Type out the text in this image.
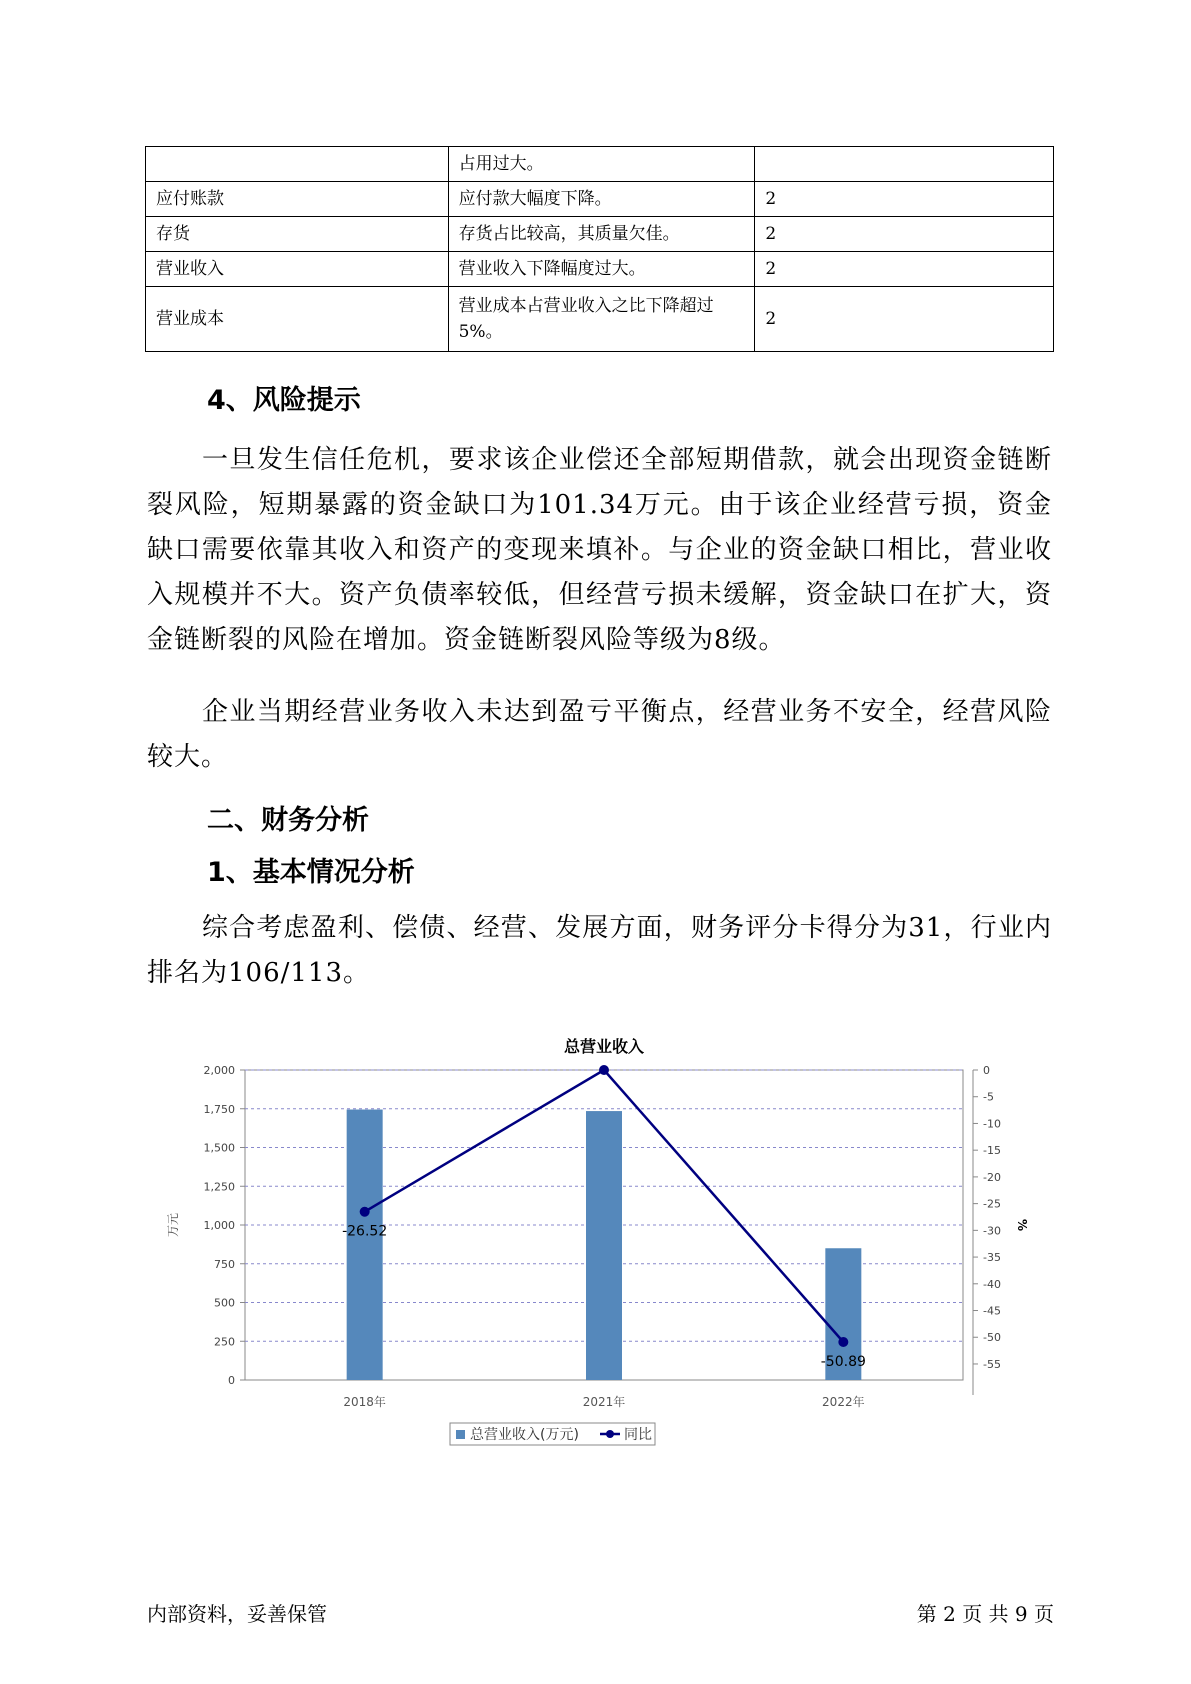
	占用过大。	
应付账款	应付款大幅度下降。	2
存货	存货占比较高，其质量欠佳。	2
营业收入	营业收入下降幅度过大。	2
营业成本	营业成本占营业收入之比下降超过5%。	2
4、风险提示
一旦发生信任危机，要求该企业偿还全部短期借款，就会出现资金链断裂风险，短期暴露的资金缺口为101.34万元。由于该企业经营亏损，资金缺口需要依靠其收入和资产的变现来填补。与企业的资金缺口相比，营业收入规模并不大。资产负债率较低，但经营亏损未缓解，资金缺口在扩大，资金链断裂的风险在增加。资金链断裂风险等级为8级。
企业当期经营业务收入未达到盈亏平衡点，经营业务不安全，经营风险较大。
二、财务分析
1、基本情况分析
综合考虑盈利、偿债、经营、发展方面，财务评分卡得分为31，行业内排名为106/113。
总营业收入
0
250
500
750
1,000
1,250
1,500
1,750
2,000	0
-5
-10
-15
-20
-25
-30
-35
-40
-45
-50
-55
万元	%
2018年	2021年	2022年
-26.52
-50.89
总营业收入(万元)	同比
内部资料，妥善保管	第 2 页 共 9 页
